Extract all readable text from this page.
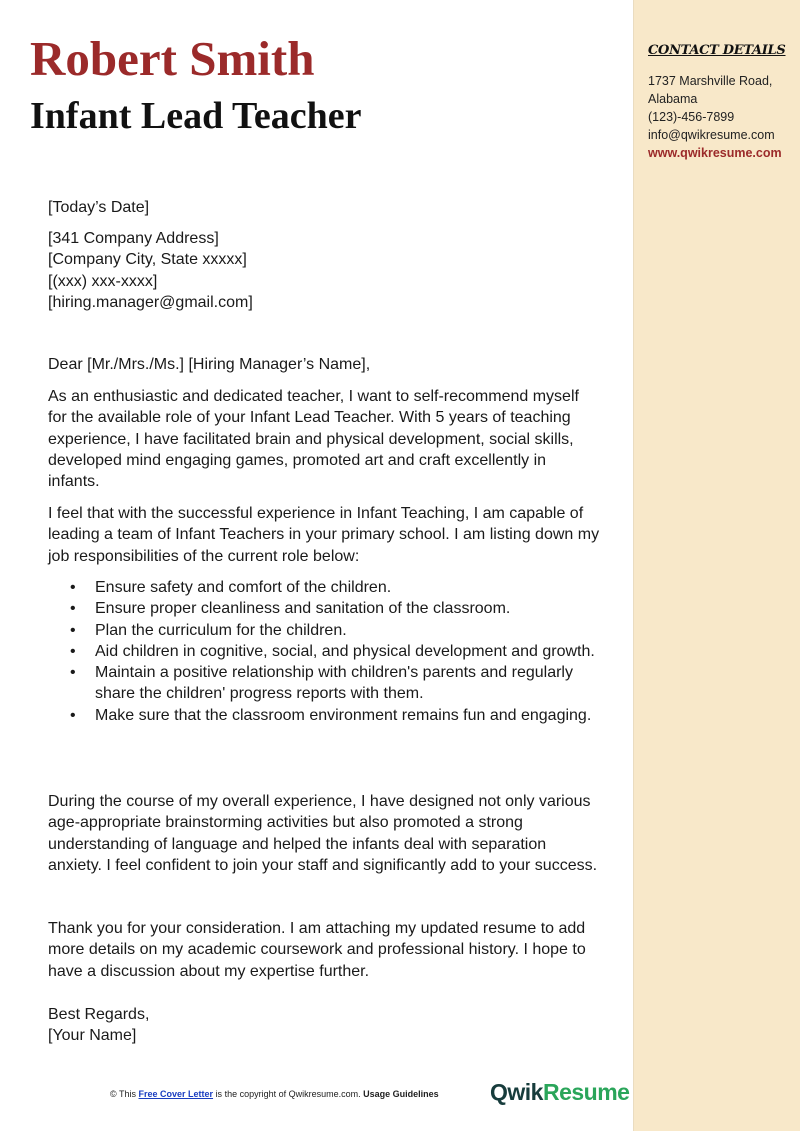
CONTACT DETAILS
1737 Marshville Road,
Alabama
(123)-456-7899
info@qwikresume.com
www.qwikresume.com
Robert Smith
Infant Lead Teacher
[Today’s Date]

[341 Company Address]

[Company City, State xxxxx]

[(xxx) xxx-xxxx]

[hiring.manager@gmail.com]

Dear [Mr./Mrs./Ms.] [Hiring Manager’s Name],
As an enthusiastic and dedicated teacher, I want to self-recommend myself for the available role of your Infant Lead Teacher. With 5 years of teaching experience, I have facilitated brain and physical development, social skills, developed mind engaging games, promoted art and craft excellently in infants.
I feel that with the successful experience in Infant Teaching, I am capable of leading a team of Infant Teachers in your primary school. I am listing down my job responsibilities of the current role below:
• Ensure safety and comfort of the children.
• Ensure proper cleanliness and sanitation of the classroom.
• Plan the curriculum for the children.
• Aid children in cognitive, social, and physical development and growth.
• Maintain a positive relationship with children's parents and regularly share the children' progress reports with them.
• Make sure that the classroom environment remains fun and engaging.
During the course of my overall experience, I have designed not only various age-appropriate brainstorming activities but also promoted a strong understanding of language and helped the infants deal with separation anxiety. I feel confident to join your staff and significantly add to your success.
Thank you for your consideration. I am attaching my updated resume to add more details on my academic coursework and professional history. I hope to have a discussion about my expertise further.

Best Regards,

[Your Name]

© This Free Cover Letter is the copyright of Qwikresume.com. Usage Guidelines QwikResume
